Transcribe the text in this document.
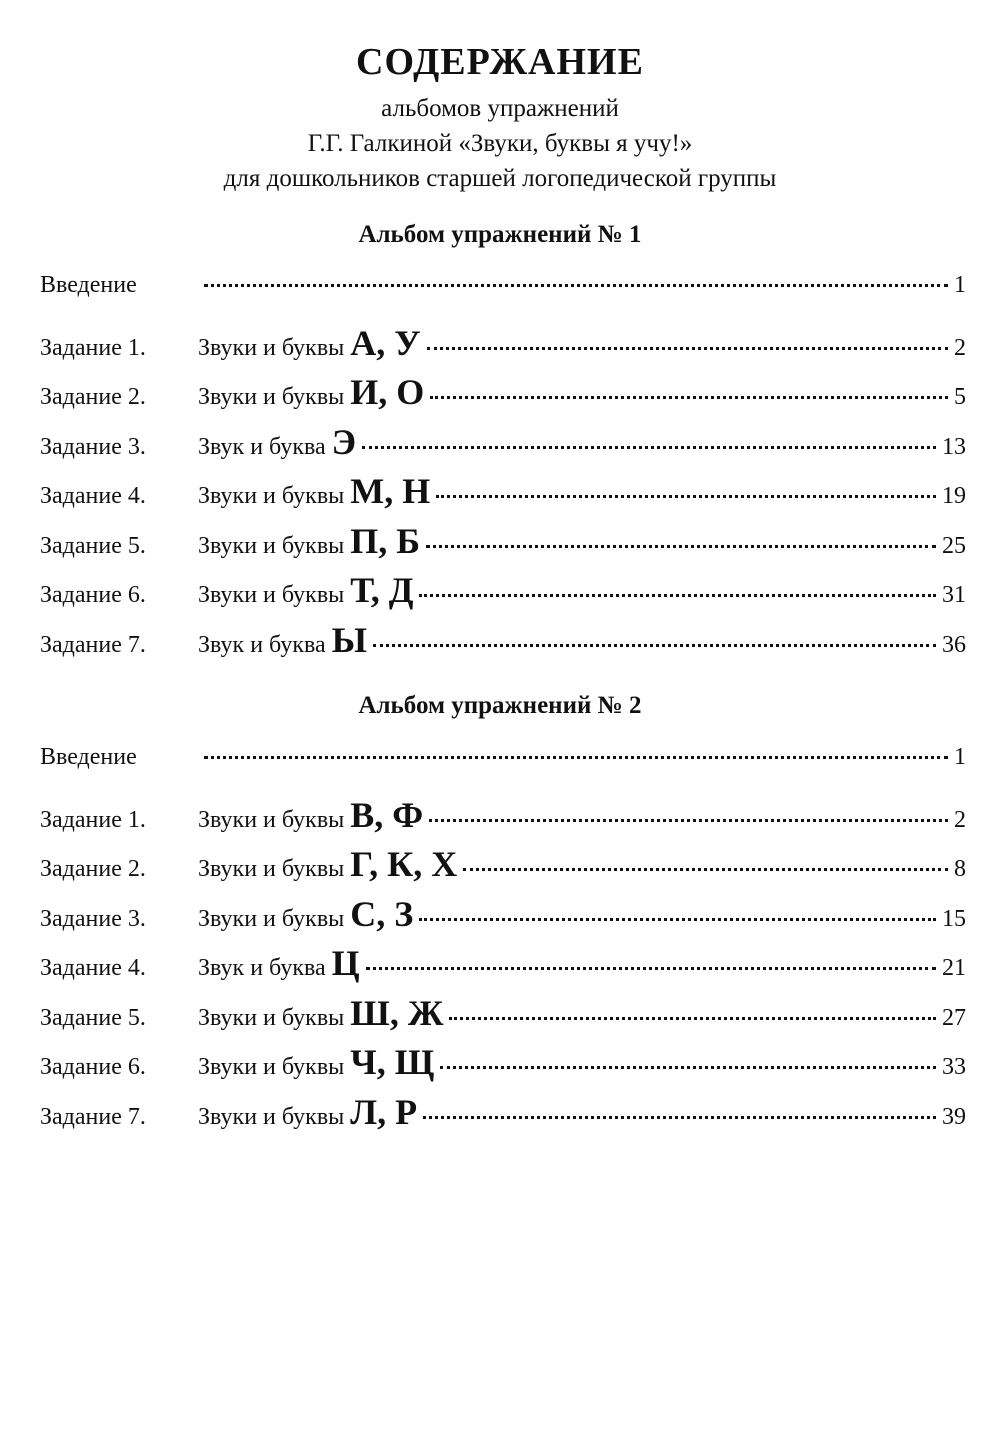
СОДЕРЖАНИЕ
альбомов упражнений
Г.Г. Галкиной «Звуки, буквы я учу!»
для дошкольников старшей логопедической группы
Альбом упражнений № 1
Введение	1
Задание 1.	Звуки и буквы А, У	2
Задание 2.	Звуки и буквы И, О	5
Задание 3.	Звук и буква Э	13
Задание 4.	Звуки и буквы М, Н	19
Задание 5.	Звуки и буквы П, Б	25
Задание 6.	Звуки и буквы Т, Д	31
Задание 7.	Звук и буква Ы	36
Альбом упражнений № 2
Введение	1
Задание 1.	Звуки и буквы В, Ф	2
Задание 2.	Звуки и буквы Г, К, Х	8
Задание 3.	Звуки и буквы С, З	15
Задание 4.	Звук и буква Ц	21
Задание 5.	Звуки и буквы Ш, Ж	27
Задание 6.	Звуки и буквы Ч, Щ	33
Задание 7.	Звуки и буквы Л, Р	39
